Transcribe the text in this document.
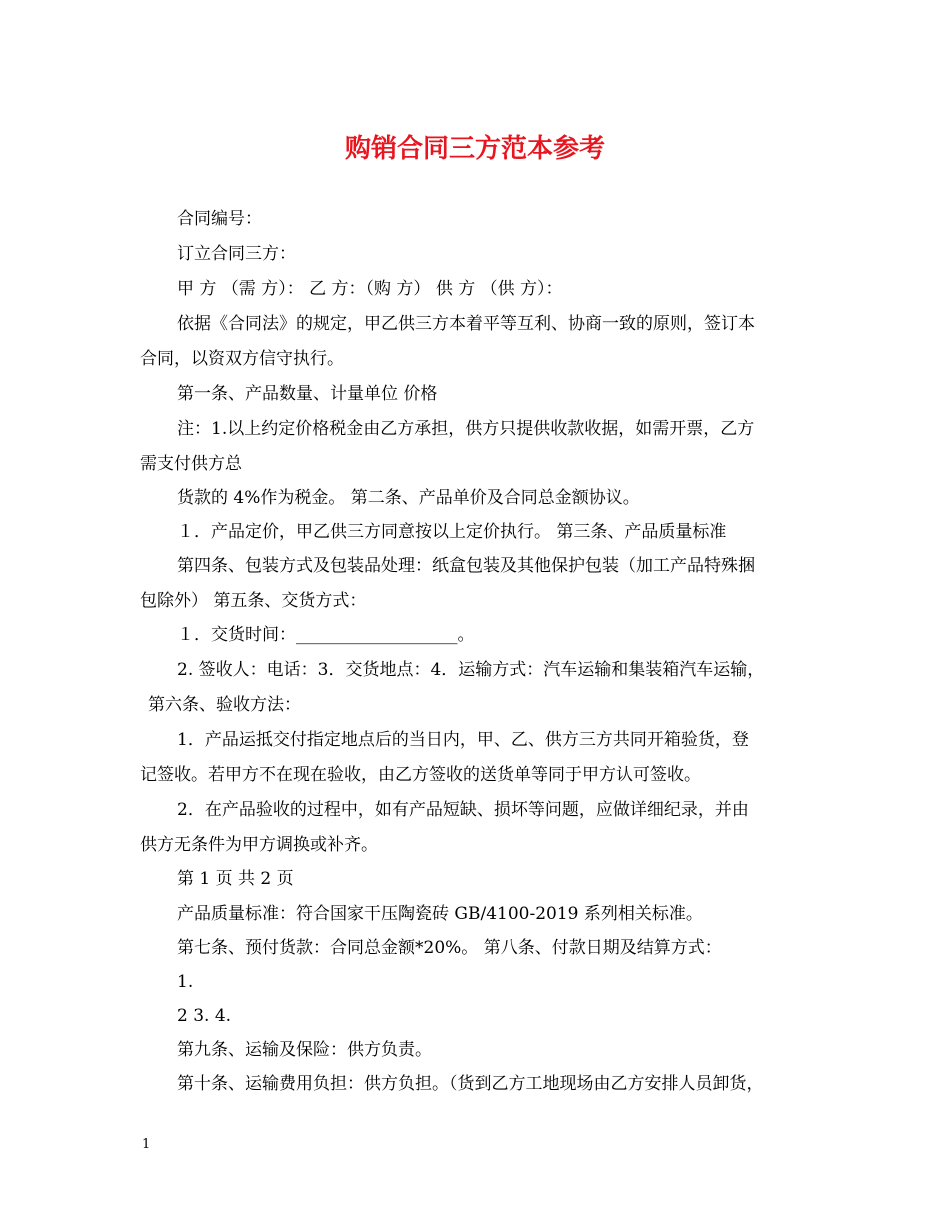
购销合同三方范本参考
合同编号：
订立合同三方：
甲 方 （需 方）： 乙 方：（购 方） 供 方 （供 方）：
依据《合同法》的规定，甲乙供三方本着平等互利、协商一致的原则，签订本
合同，以资双方信守执行。
第一条、产品数量、计量单位 价格
注：1.以上约定价格税金由乙方承担，供方只提供收款收据，如需开票，乙方
需支付供方总
货款的 4%作为税金。 第二条、产品单价及合同总金额协议。
１．产品定价，甲乙供三方同意按以上定价执行。 第三条、产品质量标准
第四条、包装方式及包装品处理：纸盒包装及其他保护包装（加工产品特殊捆
包除外） 第五条、交货方式：
１．交货时间：___________________。
2. 签收人：电话：3．交货地点：4．运输方式：汽车运输和集装箱汽车运输，
第六条、验收方法：
1．产品运抵交付指定地点后的当日内，甲、乙、供方三方共同开箱验货，登
记签收。若甲方不在现在验收，由乙方签收的送货单等同于甲方认可签收。
2．在产品验收的过程中，如有产品短缺、损坏等问题，应做详细纪录，并由
供方无条件为甲方调换或补齐。
第 1 页 共 2 页
产品质量标准：符合国家干压陶瓷砖 GB/4100-2019 系列相关标准。
第七条、预付货款：合同总金额*20%。 第八条、付款日期及结算方式：
1.
2 3. 4.
第九条、运输及保险：供方负责。
第十条、运输费用负担：供方负担。（货到乙方工地现场由乙方安排人员卸货，
1
